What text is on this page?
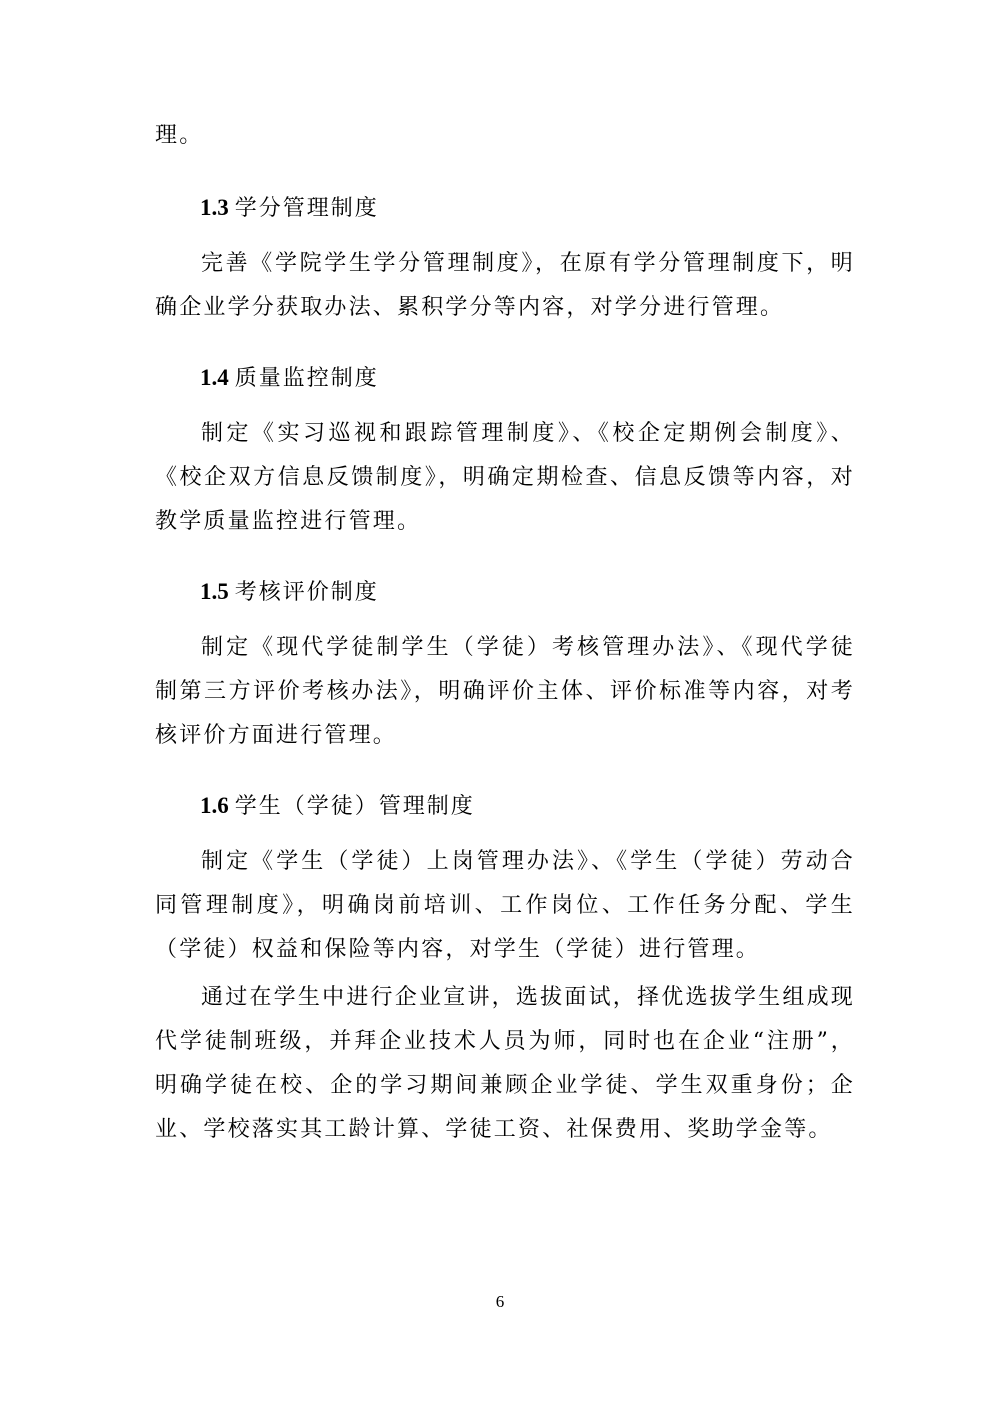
理。

1.3 学分管理制度

完善《学院学生学分管理制度》，在原有学分管理制度下，明确企业学分获取办法、累积学分等内容，对学分进行管理。

1.4 质量监控制度

制定《实习巡视和跟踪管理制度》、《校企定期例会制度》、《校企双方信息反馈制度》，明确定期检查、信息反馈等内容，对教学质量监控进行管理。

1.5 考核评价制度

制定《现代学徒制学生（学徒）考核管理办法》、《现代学徒制第三方评价考核办法》，明确评价主体、评价标准等内容，对考核评价方面进行管理。

1.6 学生（学徒）管理制度

制定《学生（学徒）上岗管理办法》、《学生（学徒）劳动合同管理制度》，明确岗前培训、工作岗位、工作任务分配、学生（学徒）权益和保险等内容，对学生（学徒）进行管理。

通过在学生中进行企业宣讲，选拔面试，择优选拔学生组成现代学徒制班级，并拜企业技术人员为师，同时也在企业“注册”，明确学徒在校、企的学习期间兼顾企业学徒、学生双重身份；企业、学校落实其工龄计算、学徒工资、社保费用、奖助学金等。

6
